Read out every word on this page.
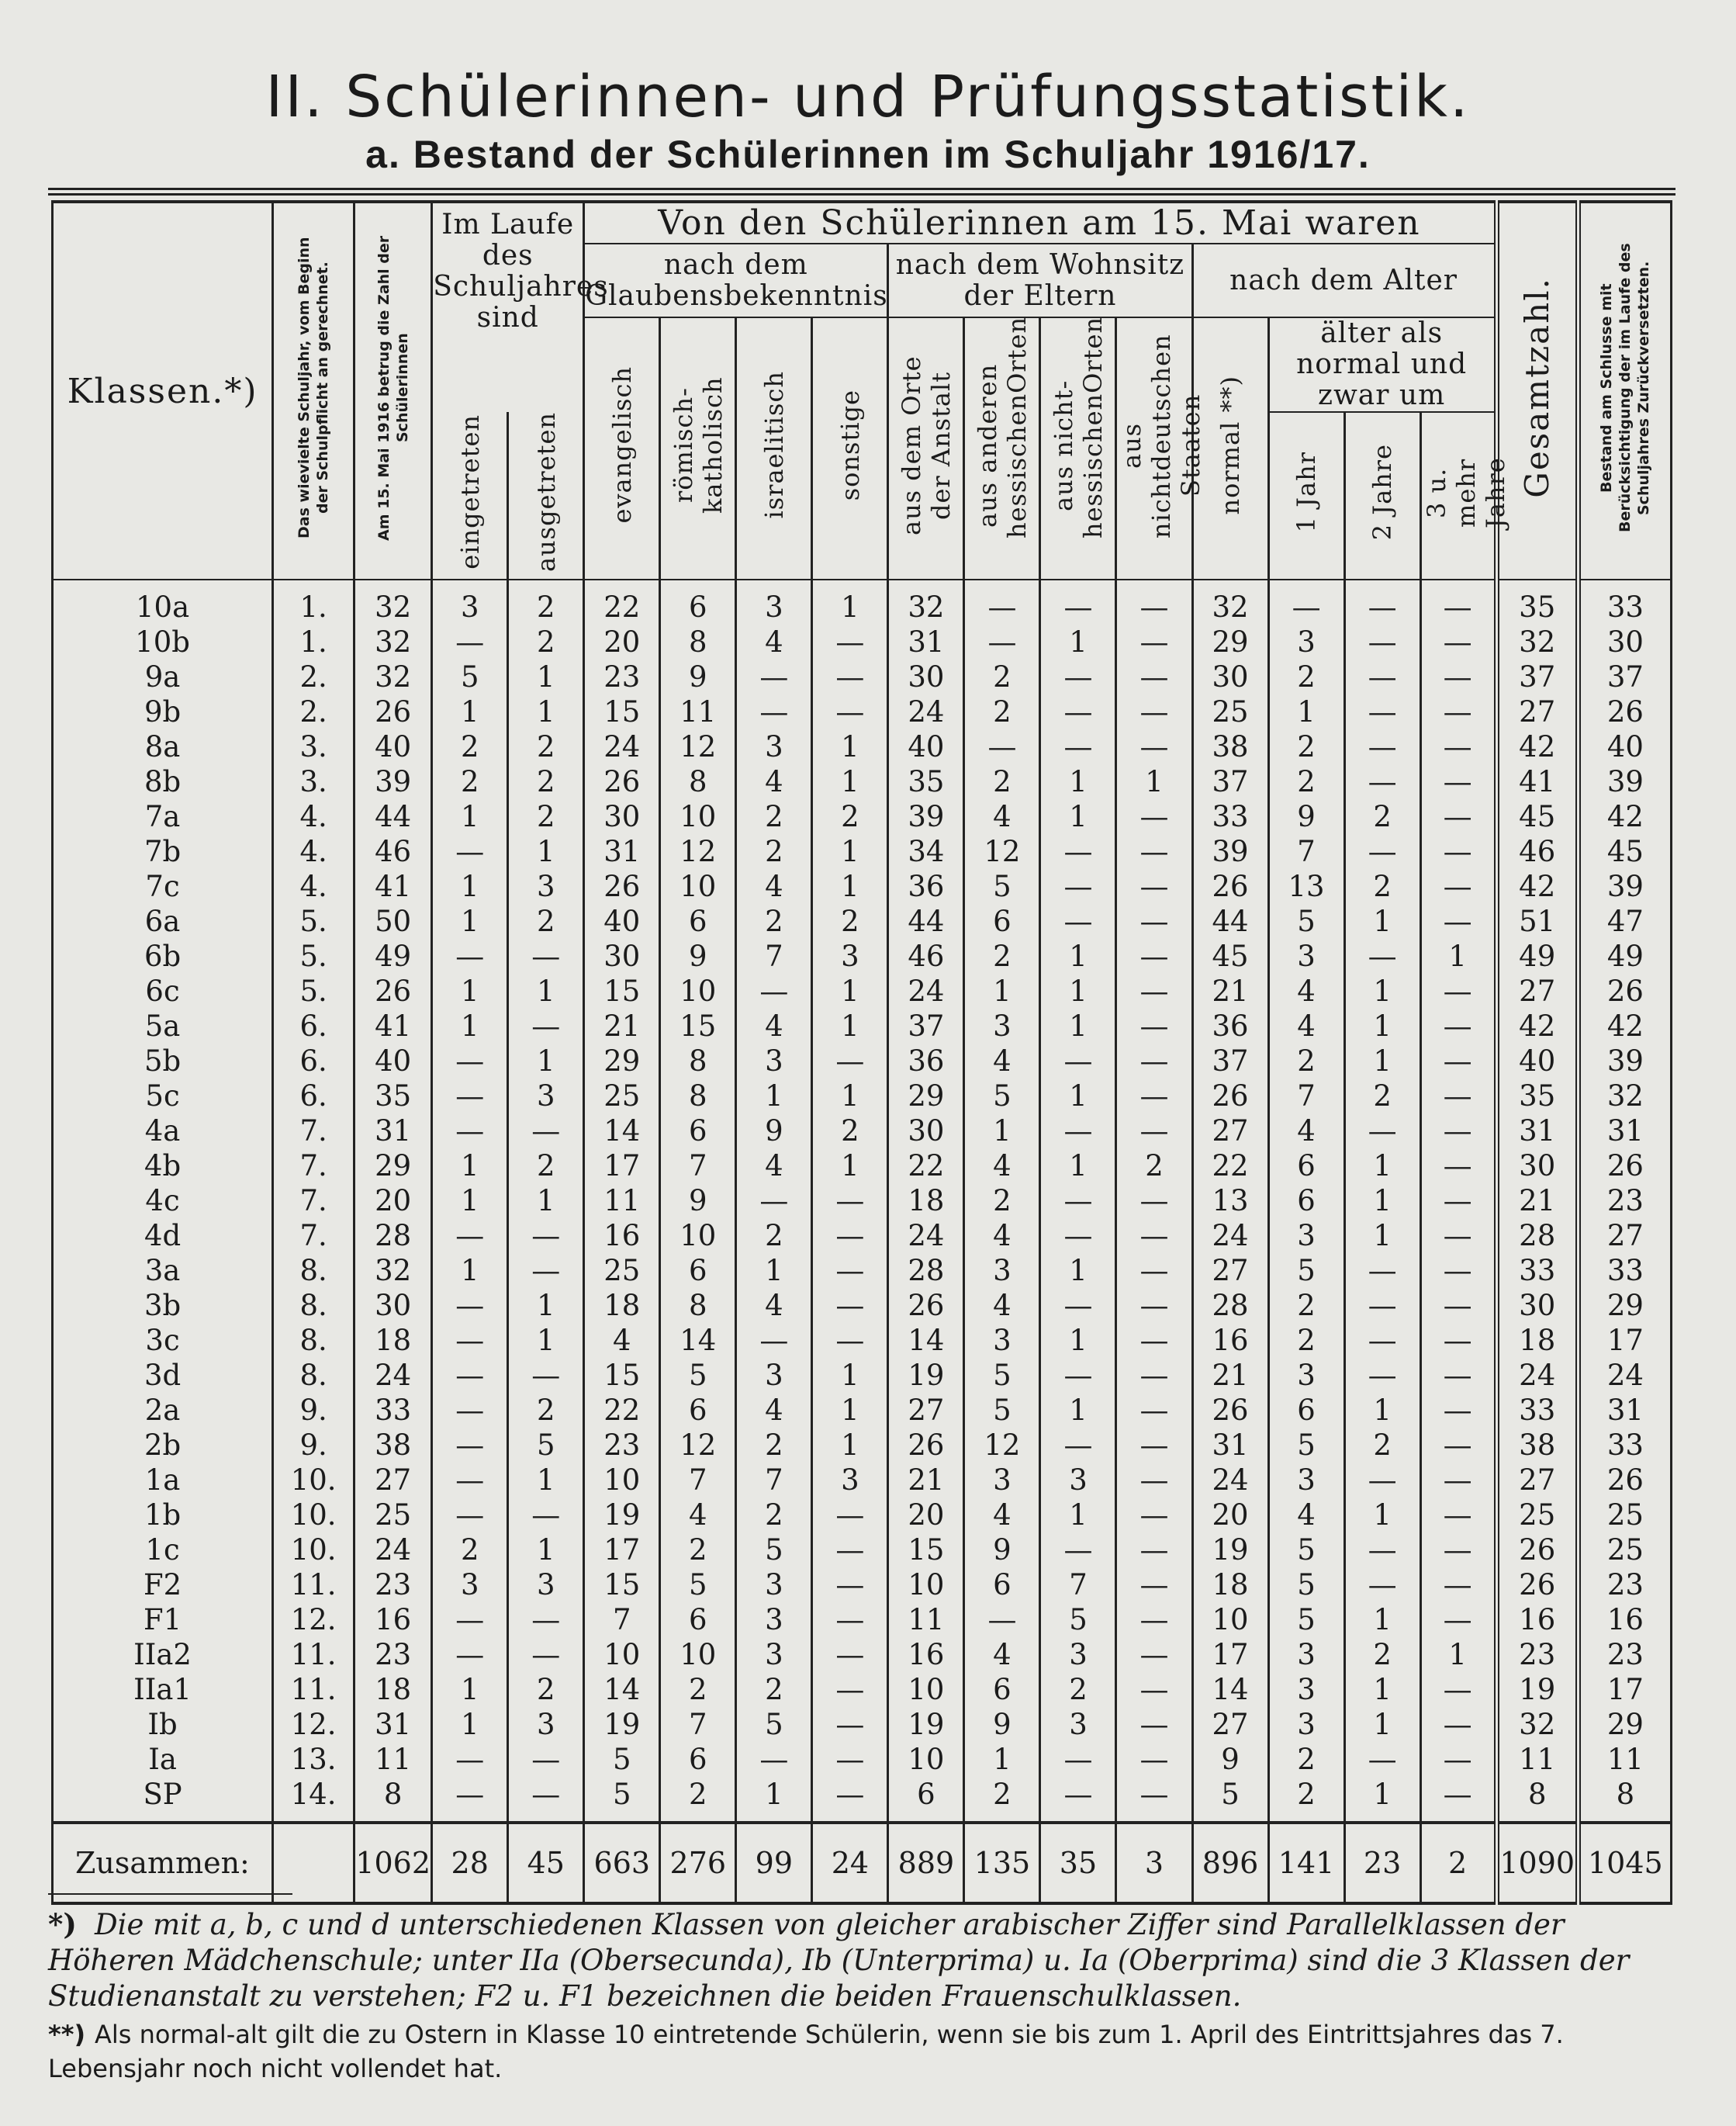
II. Schülerinnen- und Prüfungsstatistik.
a. Bestand der Schülerinnen im Schuljahr 1916/17.
Klassen.*)	Das wievielte Schuljahr, vom Beginn der Schulpflicht an gerechnet.	Am 15. Mai 1916 betrug die Zahl der Schülerinnen	Im Laufe des Schuljahres sind		Von den Schülerinnen am 15. Mai waren												Gesamtzahl.	Bestand am Schlusse mit Berücksichtigung der im Laufe des Schuljahres Zurückversetzten.
					nach dem Glaubensbekenntnis				nach dem Wohnsitz der Eltern				nach dem Alter					
					evangelisch	römisch-katholisch	israelitisch	sonstige	aus dem Orte der Anstalt	aus anderen hessischenOrten	aus nicht-hessischenOrten	aus nichtdeutschen Staaten	normal **)	älter als normal und zwar um				
			eingetreten	ausgetreten										1 Jahr	2 Jahre	3 u. mehr Jahre		
10a	1.	32	3	2	22	6	3	1	32	—	—	—	32	—	—	—	35	33
10b	1.	32	—	2	20	8	4	—	31	—	1	—	29	3	—	—	32	30
9a	2.	32	5	1	23	9	—	—	30	2	—	—	30	2	—	—	37	37
9b	2.	26	1	1	15	11	—	—	24	2	—	—	25	1	—	—	27	26
8a	3.	40	2	2	24	12	3	1	40	—	—	—	38	2	—	—	42	40
8b	3.	39	2	2	26	8	4	1	35	2	1	1	37	2	—	—	41	39
7a	4.	44	1	2	30	10	2	2	39	4	1	—	33	9	2	—	45	42
7b	4.	46	—	1	31	12	2	1	34	12	—	—	39	7	—	—	46	45
7c	4.	41	1	3	26	10	4	1	36	5	—	—	26	13	2	—	42	39
6a	5.	50	1	2	40	6	2	2	44	6	—	—	44	5	1	—	51	47
6b	5.	49	—	—	30	9	7	3	46	2	1	—	45	3	—	1	49	49
6c	5.	26	1	1	15	10	—	1	24	1	1	—	21	4	1	—	27	26
5a	6.	41	1	—	21	15	4	1	37	3	1	—	36	4	1	—	42	42
5b	6.	40	—	1	29	8	3	—	36	4	—	—	37	2	1	—	40	39
5c	6.	35	—	3	25	8	1	1	29	5	1	—	26	7	2	—	35	32
4a	7.	31	—	—	14	6	9	2	30	1	—	—	27	4	—	—	31	31
4b	7.	29	1	2	17	7	4	1	22	4	1	2	22	6	1	—	30	26
4c	7.	20	1	1	11	9	—	—	18	2	—	—	13	6	1	—	21	23
4d	7.	28	—	—	16	10	2	—	24	4	—	—	24	3	1	—	28	27
3a	8.	32	1	—	25	6	1	—	28	3	1	—	27	5	—	—	33	33
3b	8.	30	—	1	18	8	4	—	26	4	—	—	28	2	—	—	30	29
3c	8.	18	—	1	4	14	—	—	14	3	1	—	16	2	—	—	18	17
3d	8.	24	—	—	15	5	3	1	19	5	—	—	21	3	—	—	24	24
2a	9.	33	—	2	22	6	4	1	27	5	1	—	26	6	1	—	33	31
2b	9.	38	—	5	23	12	2	1	26	12	—	—	31	5	2	—	38	33
1a	10.	27	—	1	10	7	7	3	21	3	3	—	24	3	—	—	27	26
1b	10.	25	—	—	19	4	2	—	20	4	1	—	20	4	1	—	25	25
1c	10.	24	2	1	17	2	5	—	15	9	—	—	19	5	—	—	26	25
F2	11.	23	3	3	15	5	3	—	10	6	7	—	18	5	—	—	26	23
F1	12.	16	—	—	7	6	3	—	11	—	5	—	10	5	1	—	16	16
IIa2	11.	23	—	—	10	10	3	—	16	4	3	—	17	3	2	1	23	23
IIa1	11.	18	1	2	14	2	2	—	10	6	2	—	14	3	1	—	19	17
Ib	12.	31	1	3	19	7	5	—	19	9	3	—	27	3	1	—	32	29
Ia	13.	11	—	—	5	6	—	—	10	1	—	—	9	2	—	—	11	11
SP	14.	8	—	—	5	2	1	—	6	2	—	—	5	2	1	—	8	8
Zusammen:		1062	28	45	663	276	99	24	889	135	35	3	896	141	23	2	1090	1045
*) Die mit a, b, c und d unterschiedenen Klassen von gleicher arabischer Ziffer sind Parallelklassen der Höheren Mädchenschule; unter IIa (Obersecunda), Ib (Unterprima) u. Ia (Oberprima) sind die 3 Klassen der Studienanstalt zu verstehen; F2 u. F1 bezeichnen die beiden Frauenschulklassen.
**) Als normal-alt gilt die zu Ostern in Klasse 10 eintretende Schülerin, wenn sie bis zum 1. April des Eintrittsjahres das 7. Lebensjahr noch nicht vollendet hat.
